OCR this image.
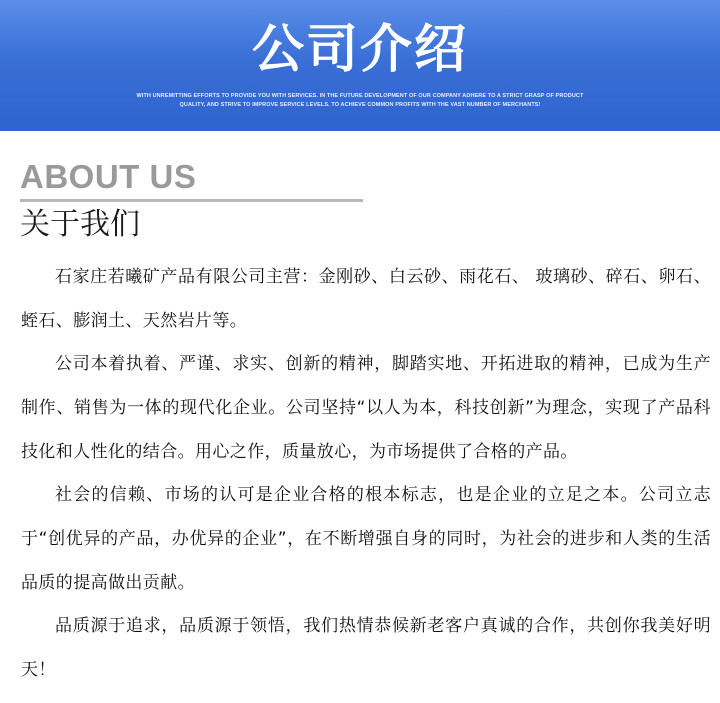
公司介绍
WITH UNREMITTING EFFORTS TO PROVIDE YOU WITH SERVICES. IN THE FUTURE DEVELOPMENT OF OUR COMPANY ADHERE TO A STRICT GRASP OF PRODUCT QUALITY, AND STRIVE TO IMPROVE SERVICE LEVELS. TO ACHIEVE COMMON PROFITS WITH THE VAST NUMBER OF MERCHANTS!
ABOUT US
关于我们

石家庄若曦矿产品有限公司主营：金刚砂、白云砂、雨花石、 玻璃砂、碎石、卵石、蛭石、膨润土、天然岩片等。

公司本着执着、严谨、求实、创新的精神，脚踏实地、开拓进取的精神，已成为生产制作、销售为一体的现代化企业。公司坚持“以人为本，科技创新”为理念，实现了产品科技化和人性化的结合。用心之作，质量放心，为市场提供了合格的产品。

社会的信赖、市场的认可是企业合格的根本标志，也是企业的立足之本。公司立志于“创优异的产品，办优异的企业”，在不断增强自身的同时，为社会的进步和人类的生活品质的提高做出贡献。

品质源于追求，品质源于领悟，我们热情恭候新老客户真诚的合作，共创你我美好明天！
